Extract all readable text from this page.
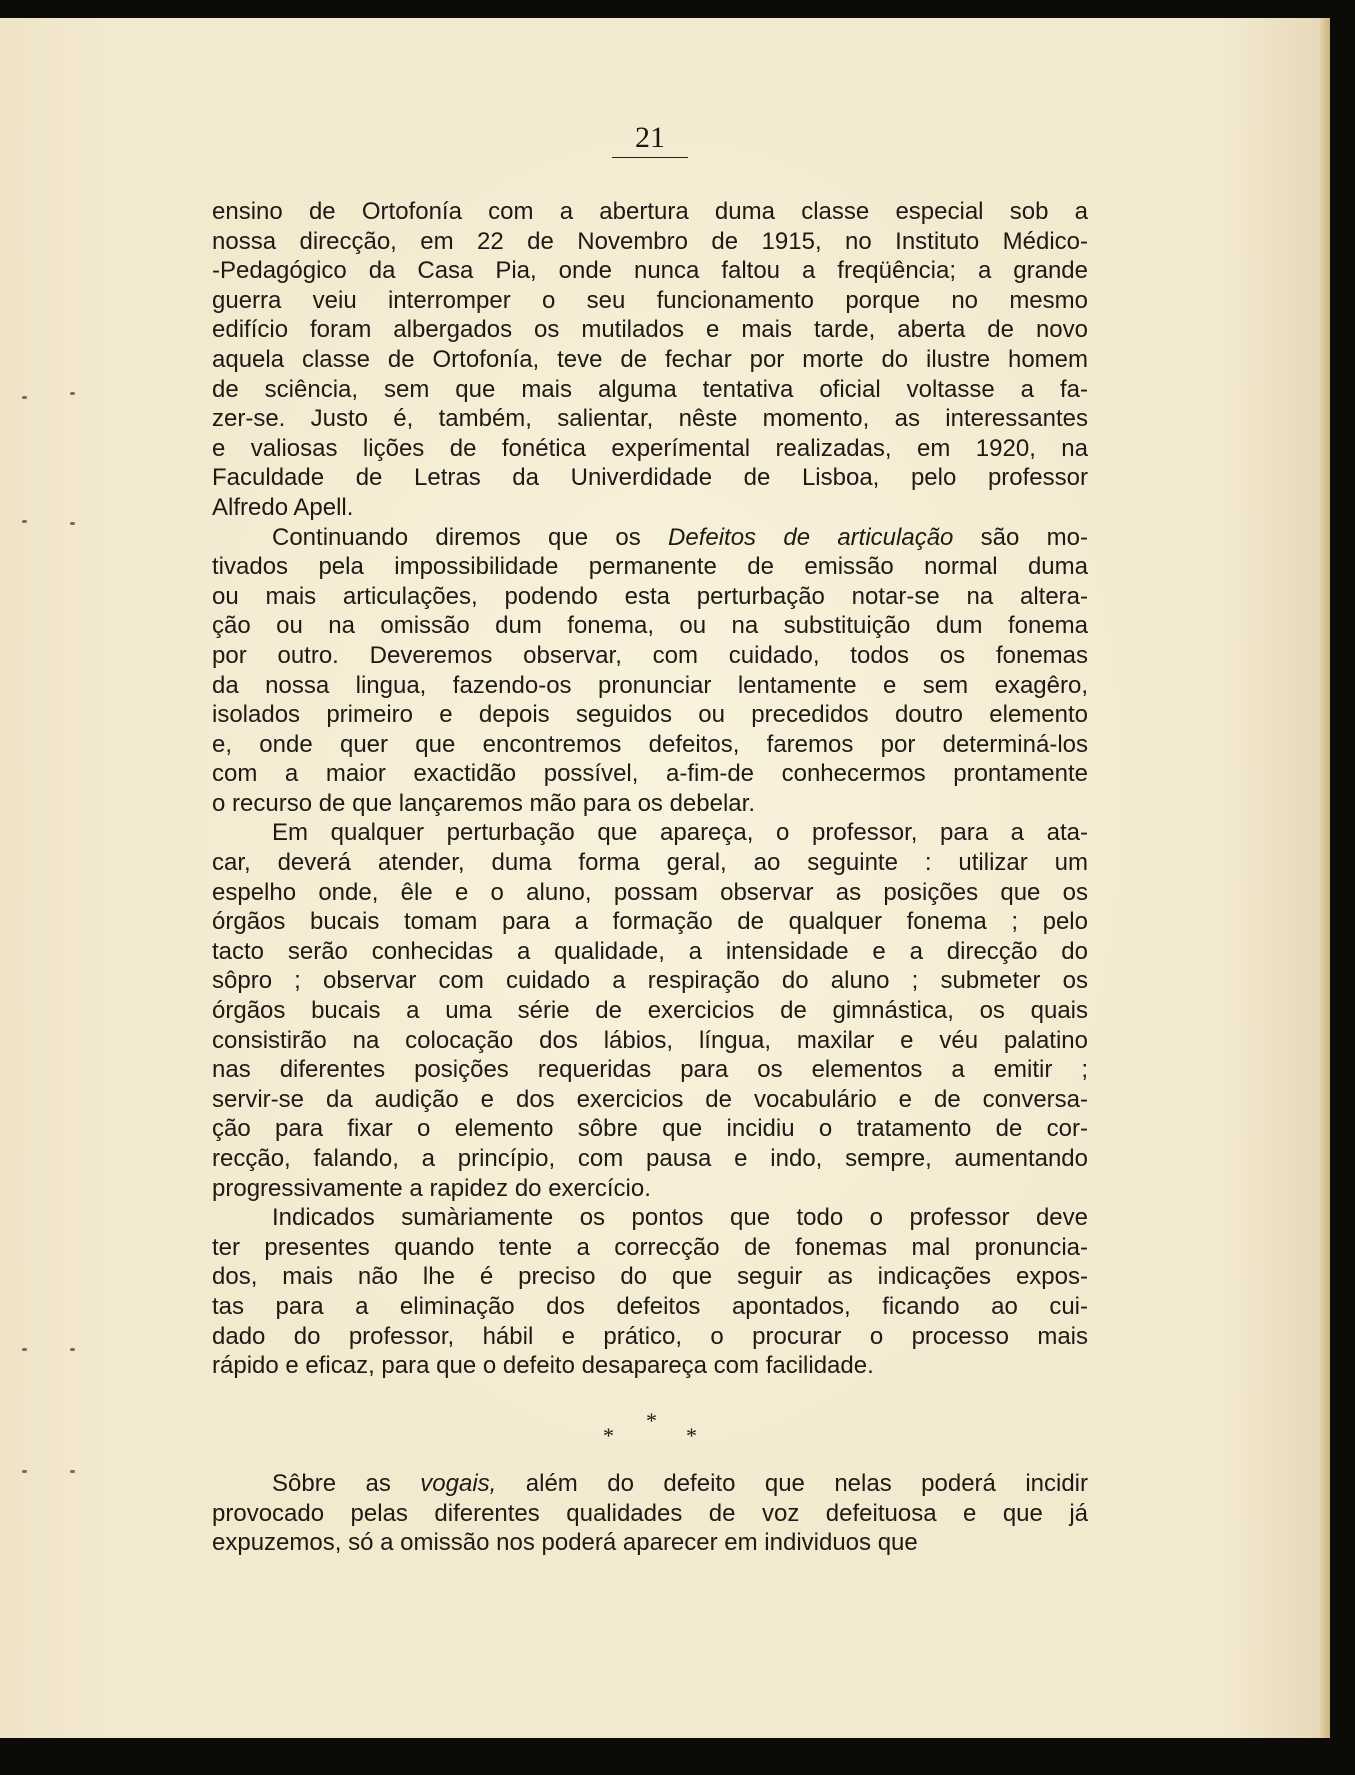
21
ensino de Ortofonía com a abertura duma classe especial sob a
nossa direcção, em 22 de Novembro de 1915, no Instituto Médico-
-Pedagógico da Casa Pia, onde nunca faltou a freqüência; a grande
guerra veiu interromper o seu funcionamento porque no mesmo
edifício foram albergados os mutilados e mais tarde, aberta de novo
aquela classe de Ortofonía, teve de fechar por morte do ilustre homem
de sciência, sem que mais alguma tentativa oficial voltasse a fa-
zer-se. Justo é, também, salientar, nêste momento, as interessantes
e valiosas lições de fonética experímental realizadas, em 1920, na
Faculdade de Letras da Univerdidade de Lisboa, pelo professor
Alfredo Apell.
Continuando diremos que os Defeitos de articulação são mo-
tivados pela impossibilidade permanente de emissão normal duma
ou mais articulações, podendo esta perturbação notar-se na altera-
ção ou na omissão dum fonema, ou na substituição dum fonema
por outro. Deveremos observar, com cuidado, todos os fonemas
da nossa lingua, fazendo-os pronunciar lentamente e sem exagêro,
isolados primeiro e depois seguidos ou precedidos doutro elemento
e, onde quer que encontremos defeitos, faremos por determiná-los
com a maior exactidão possível, a-fim-de conhecermos prontamente
o recurso de que lançaremos mão para os debelar.
Em qualquer perturbação que apareça, o professor, para a ata-
car, deverá atender, duma forma geral, ao seguinte : utilizar um
espelho onde, êle e o aluno, possam observar as posições que os
órgãos bucais tomam para a formação de qualquer fonema ; pelo
tacto serão conhecidas a qualidade, a intensidade e a direcção do
sôpro ; observar com cuidado a respiração do aluno ; submeter os
órgãos bucais a uma série de exercicios de gimnástica, os quais
consistirão na colocação dos lábios, língua, maxilar e véu palatino
nas diferentes posições requeridas para os elementos a emitir ;
servir-se da audição e dos exercicios de vocabulário e de conversa-
ção para fixar o elemento sôbre que incidiu o tratamento de cor-
recção, falando, a princípio, com pausa e indo, sempre, aumentando
progressivamente a rapidez do exercício.
Indicados sumàriamente os pontos que todo o professor deve
ter presentes quando tente a correcção de fonemas mal pronuncia-
dos, mais não lhe é preciso do que seguir as indicações expos-
tas para a eliminação dos defeitos apontados, ficando ao cui-
dado do professor, hábil e prático, o procurar o processo mais
rápido e eficaz, para que o defeito desapareça com facilidade.
*
*	*
Sôbre as vogais, além do defeito que nelas poderá incidir
provocado pelas diferentes qualidades de voz defeituosa e que já
expuzemos, só a omissão nos poderá aparecer em individuos que
